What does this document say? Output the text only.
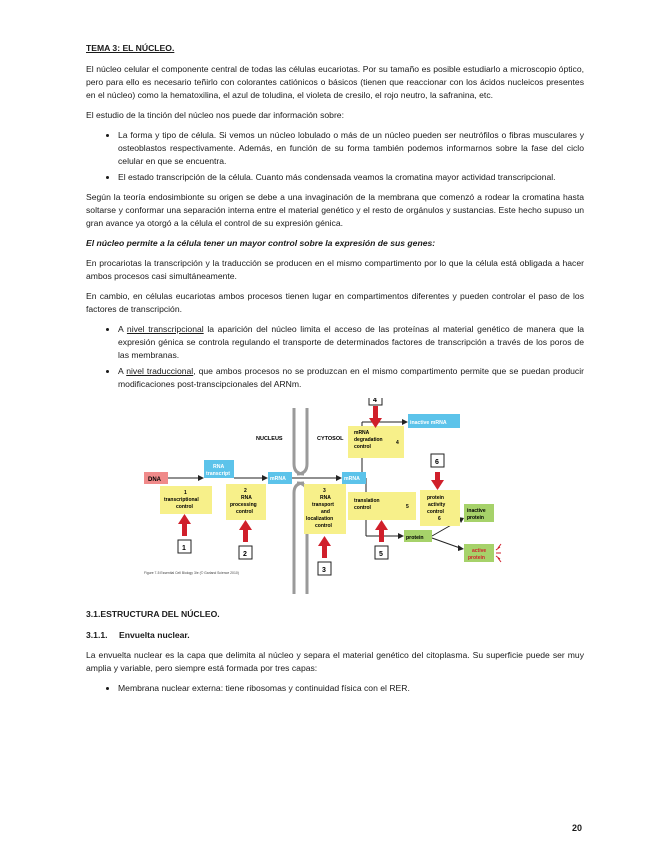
TEMA 3: EL NÚCLEO.

El núcleo celular el componente central de todas las células eucariotas. Por su tamaño es posible estudiarlo a microscopio óptico, pero para ello es necesario teñirlo con colorantes catiónicos o básicos (tienen que reaccionar con los ácidos nucleicos presentes en el núcleo) como la hematoxilina, el azul de toludina, el violeta de cresilo, el rojo neutro, la safranina, etc.

El estudio de la tinción del núcleo nos puede dar información sobre:

• La forma y tipo de célula. Si vemos un núcleo lobulado o más de un núcleo pueden ser neutrófilos o fibras musculares y osteoblastos respectivamente. Además, en función de su forma también podemos informarnos sobre la fase del ciclo celular en que se encuentra.
• El estado transcripción de la célula. Cuanto más condensada veamos la cromatina mayor actividad transcripcional.

Según la teoría endosimbionte su origen se debe a una invaginación de la membrana que comenzó a rodear la cromatina hasta soltarse y conformar una separación interna entre el material genético y el resto de orgánulos y sustancias. Este hecho supuso un gran avance ya otorgó a la célula el control de su expresión génica.

El núcleo permite a la célula tener un mayor control sobre la expresión de sus genes:

En procariotas la transcripción y la traducción se producen en el mismo compartimento por lo que la célula está obligada a hacer ambos procesos casi simultáneamente.

En cambio, en células eucariotas ambos procesos tienen lugar en compartimentos diferentes y pueden controlar el paso de los factores de transcripción.

• A nivel transcripcional la aparición del núcleo limita el acceso de las proteínas al material genético de manera que la expresión génica se controla regulando el transporte de determinados factores de transcripción a través de los poros de las membranas.
• A nivel traduccional, que ambos procesos no se produzcan en el mismo compartimento permite que se puedan producir modificaciones post-transcipcionales del ARNm.
NUCLEUS	CYTOSOL
DNA
RNA
transcript
mRNA	mRNA
inactive mRNA
1
transcriptional
control
2
RNA
processing
control
3
RNA
transport
and
localization
control
mRNA
degradation
control
4
translation
control	5
protein
activity
control
6
protein
inactive
protein
active
protein
1
2
3
4
5
6
Figure 7-5 Essential Cell Biology 3/e (© Garland Science 2010)
3.1.ESTRUCTURA DEL NÚCLEO.
3.1.1. Envuelta nuclear.

La envuelta nuclear es la capa que delimita al núcleo y separa el material genético del citoplasma. Su superficie puede ser muy amplia y variable, pero siempre está formada por tres capas:

• Membrana nuclear externa: tiene ribosomas y continuidad física con el RER.
20
